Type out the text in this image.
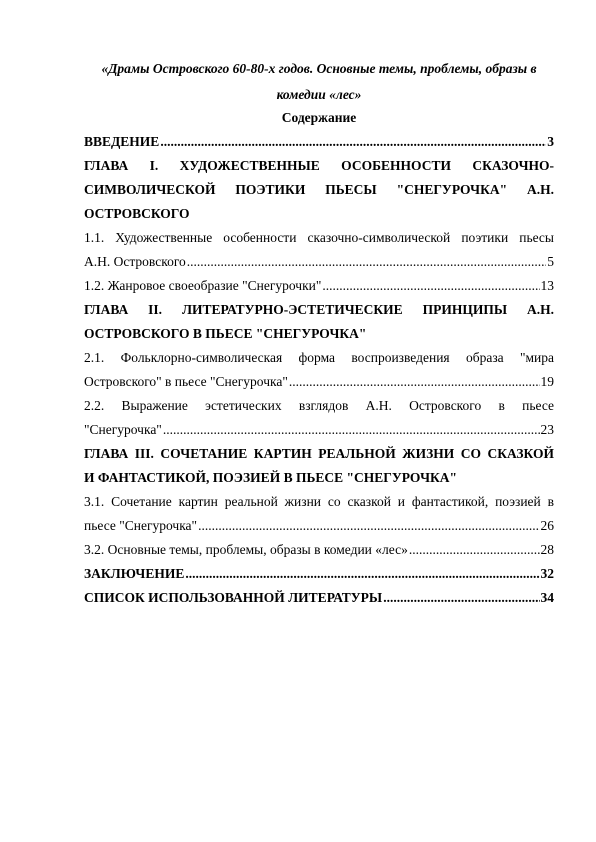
«Драмы Островского 60-80-х годов. Основные темы, проблемы, образы в
комедии «лес»

Содержание

ВВЕДЕНИЕ .....	3
ГЛАВА I. ХУДОЖЕСТВЕННЫЕ ОСОБЕННОСТИ СКАЗОЧНО-
СИМВОЛИЧЕСКОЙ ПОЭТИКИ ПЬЕСЫ "СНЕГУРОЧКА" А.Н.
ОСТРОВСКОГО
1.1. Художественные особенности сказочно-символической поэтики пьесы
А.Н. Островского .....	5
1.2. Жанровое своеобразие "Снегурочки" .....	13
ГЛАВА II. ЛИТЕРАТУРНО-ЭСТЕТИЧЕСКИЕ ПРИНЦИПЫ А.Н.
ОСТРОВСКОГО В ПЬЕСЕ "СНЕГУРОЧКА"
2.1. Фольклорно-символическая форма воспроизведения образа "мира
Островского" в пьесе "Снегурочка" .....	19
2.2. Выражение эстетических взглядов А.Н. Островского в пьесе
"Снегурочка" .....	23
ГЛАВА III. СОЧЕТАНИЕ КАРТИН РЕАЛЬНОЙ ЖИЗНИ СО СКАЗКОЙ
И ФАНТАСТИКОЙ, ПОЭЗИЕЙ В ПЬЕСЕ "СНЕГУРОЧКА"
3.1. Сочетание картин реальной жизни со сказкой и фантастикой, поэзией в
пьесе "Снегурочка" .....	26
3.2. Основные темы, проблемы, образы в комедии «лес» .....	28
ЗАКЛЮЧЕНИЕ .....	32
СПИСОК ИСПОЛЬЗОВАННОЙ ЛИТЕРАТУРЫ .....	34
